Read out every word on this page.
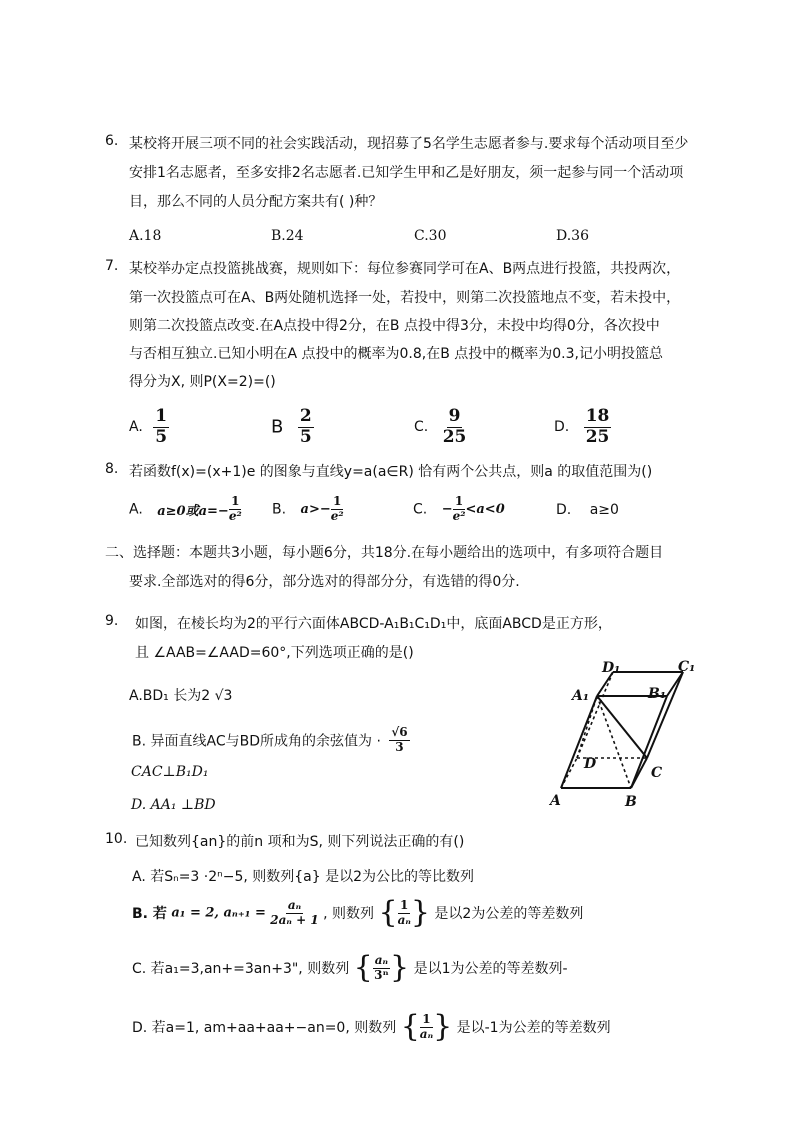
6. 某校将开展三项不同的社会实践活动，现招募了5名学生志愿者参与.要求每个活动项目至少
安排1名志愿者，至多安排2名志愿者.已知学生甲和乙是好朋友，须一起参与同一个活动项
目，那么不同的人员分配方案共有( )种？
A.18	B.24	C.30	D.36
7. 某校举办定点投篮挑战赛，规则如下：每位参赛同学可在A、B两点进行投篮，共投两次，
第一次投篮点可在A、B两处随机选择一处，若投中，则第二次投篮地点不变，若未投中，
则第二次投篮点改变.在A点投中得2分，在B 点投中得3分，未投中均得0分，各次投中
与否相互独立.已知小明在A 点投中的概率为0.8,在B 点投中的概率为0.3,记小明投篮总
得分为X, 则P(X=2)=()
A. $\frac{1}{5}$	B $\frac{2}{5}$	C. $\frac{9}{25}$	D. $\frac{18}{25}$
8. 若函数f(x)=(x+1)e 的图象与直线y=a(a∈R) 恰有两个公共点，则a 的取值范围为()
A. a≥0或$a=- \frac{1}{\text{e²}} B$. $a>- \frac{1}{\text{e²}}$	C. − $\frac{1}{\text{e²}} <a<0$	D. a≥0
二、选择题：本题共3小题，每小题6分，共18分.在每小题给出的选项中，有多项符合题目
要求.全部选对的得6分，部分选对的得部分分，有选错的得0分.
9. 如图，在棱长均为2的平行六面体ABCD-A₁B₁C₁D₁中，底面ABCD是正方形，
且 ∠AAB=∠AAD=60°,下列选项正确的是()
A.BD₁ 长为2 √3
B. 异面直线AC与BD所成角的余弦值为 · $\frac{√6}{3}$
CAC⊥B₁D₁
D. AA₁ ⊥BD
D₁	C₁
A₁	B₁
D
C
A	B
10. 已知数列{an}的前n 项和为S, 则下列说法正确的有()
A. 若Sₙ=3 ·2ⁿ−5, 则数列{a} 是以2为公比的等比数列
B. 若 a₁ = 2, $a_{n+1} = \frac{\text{aₙ}}{\text{2aₙ + 1}}$ , 则数列 { $\frac{1}{\text{aₙ}}$ } 是以2为公差的等差数列
C. 若a₁=3,an+=3an+3", 则数列 { $\frac{\text{aₙ}}{\text{3ⁿ}}$ } 是以1为公差的等差数列-
D. 若a=1, am+aa+aa+−an=0, 则数列 { $\frac{1}{\text{aₙ}}$ } 是以-1为公差的等差数列
